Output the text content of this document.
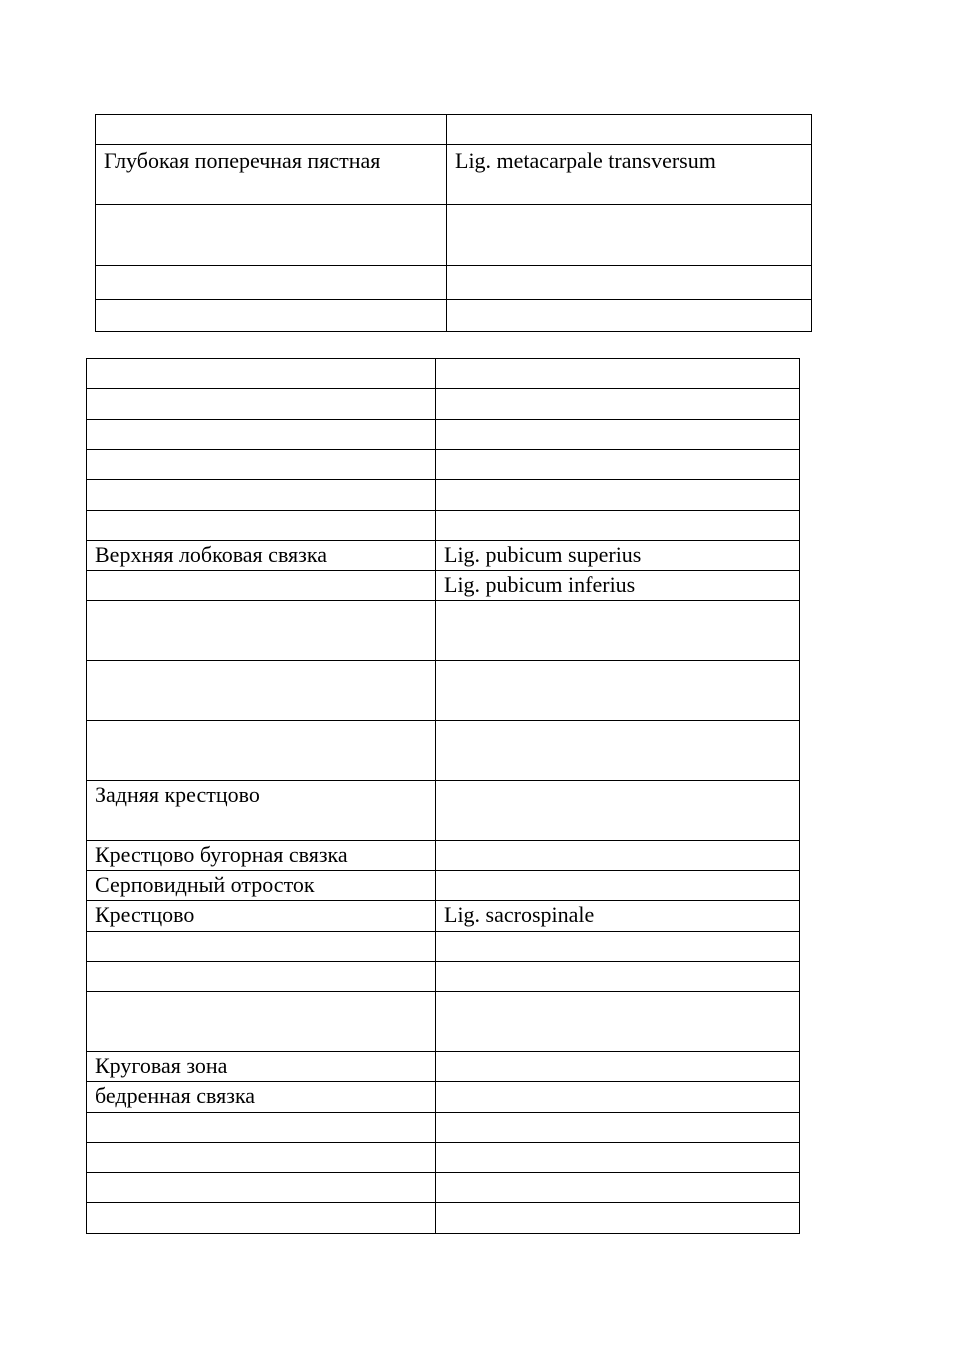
Глубокая поперечная пястная	Lig. metacarpale transversum

Верхняя лобковая связка	Lig. pubicum superius
	Lig. pubicum inferius

Задняя крестцово	
Крестцово бугорная связка	
Серповидный отросток	
Крестцово	Lig. sacrospinale

Круговая зона	
бедренная связка	
